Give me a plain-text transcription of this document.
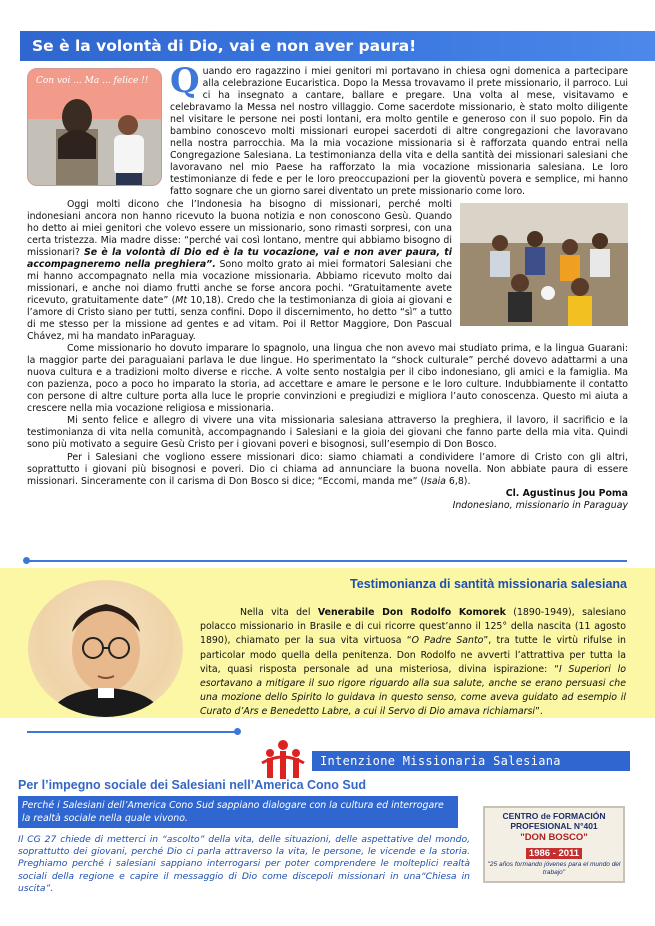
Se è la volontà di Dio, vai e non aver paura!
Con voi ... Ma ... felice !! Quando ero ragazzino i miei genitori mi portavano in chiesa ogni domenica a partecipare alla celebrazione Eucaristica. Dopo la Messa trovavamo il prete missionario, il parroco. Lui ci ha insegnato a cantare, ballare e pregare. Una volta al mese, visitavamo e celebravamo la Messa nel nostro villaggio. Come sacerdote missionario, è stato molto diligente nel visitare le persone nei posti lontani, era molto gentile e generoso con il suo popolo. Fin da bambino conoscevo molti missionari europei sacerdoti di altre congregazioni che lavoravano nella nostra parrocchia. Ma la mia vocazione missionaria si è rafforzata quando entrai nella Congregazione Salesiana. La testimonianza della vita e della santità dei missionari salesiani che lavoravano nel mio Paese ha rafforzato la mia vocazione missionaria salesiana. Le loro testimonianze di fede e per le loro preoccupazioni per la gioventù povera e semplice, mi hanno fatto sognare che un giorno sarei diventato un prete missionario come loro.

Oggi molti dicono che l’Indonesia ha bisogno di missionari, perché molti indonesiani ancora non hanno ricevuto la buona notizia e non conoscono Gesù. Quando ho detto ai miei genitori che volevo essere un missionario, sono rimasti sorpresi, con una certa tristezza. Mia madre disse: “perché vai così lontano, mentre qui abbiamo bisogno di missionari? Se è la volontà di Dio ed è la tu vocazione, vai e non aver paura, ti accompagneremo nella preghiera”. Sono molto grato ai miei formatori Salesiani che mi hanno accompagnato nella mia vocazione missionaria. Abbiamo ricevuto molto dai missionari, e anche noi diamo frutti anche se forse ancora pochi. “Gratuitamente avete ricevuto, gratuitamente date” (Mt 10,18). Credo che la testimonianza di gioia ai giovani e l’amore di Cristo siano per tutti, senza confini. Dopo il discernimento, ho detto “sì” a tutto di me stesso per la missione ad gentes e ad vitam. Poi il Rettor Maggiore, Don Pascual Chávez, mi ha mandato inParaguay.

Come missionario ho dovuto imparare lo spagnolo, una lingua che non avevo mai studiato prima, e la lingua Guarani: la maggior parte dei paraguaiani parlava le due lingue. Ho sperimentato la “shock culturale” perché dovevo adattarmi a una nuova cultura e a tradizioni molto diverse e ricche. A volte sento nostalgia per il cibo indonesiano, gli amici e la famiglia. Ma con pazienza, poco a poco ho imparato la storia, ad accettare e amare le persone e le loro culture. Indubbiamente il contatto con persone di altre culture porta alla luce le proprie convinzioni e pregiudizi e migliora l’auto conoscenza. Questo mi aiuta a crescere nella mia vocazione religiosa e missionaria.

Mi sento felice e allegro di vivere una vita missionaria salesiana attraverso la preghiera, il lavoro, il sacrificio e la testimonianza di vita nella comunità, accompagnando i Salesiani e la gioia dei giovani che fanno parte della mia vita. Quindi sono più motivato a seguire Gesù Cristo per i giovani poveri e bisognosi, sull’esempio di Don Bosco.

Per i Salesiani che vogliono essere missionari dico: siamo chiamati a condividere l’amore di Cristo con gli altri, soprattutto i giovani più bisognosi e poveri. Dio ci chiama ad annunciare la buona novella. Non abbiate paura di essere missionari. Sinceramente con il carisma di Don Bosco si dice; “Eccomi, manda me” (Isaia 6,8).

Cl. Agustinus Jou Poma

Indonesiano, missionario in Paraguay

Testimonianza di santità missionaria salesiana
Nella vita del Venerabile Don Rodolfo Komorek (1890-1949), salesiano polacco missionario in Brasile e di cui ricorre quest’anno il 125° della nascita (11 agosto 1890), chiamato per la sua vita virtuosa “O Padre Santo”, tra tutte le virtù rifulse in particolar modo quella della penitenza. Don Rodolfo ne avverti l’attrattiva per tutta la vita, quasi risposta personale ad una misteriosa, divina ispirazione: “I Superiori lo esortavano a mitigare il suo rigore riguardo alla sua salute, anche se erano persuasi che una mozione dello Spirito lo guidava in questo senso, come aveva guidato ad esempio il Curato d’Ars e Benedetto Labre, a cui il Servo di Dio amava richiamarsi”.
Intenzione Missionaria Salesiana
Per l’impegno sociale dei Salesiani nell’America Cono Sud
Perché i Salesiani dell’America Cono Sud sappiano dialogare con la cultura ed interrogare la realtà sociale nella quale vivono.
Il CG 27 chiede di metterci in “ascolto” della vita, delle situazioni, delle aspettative del mondo, soprattutto dei giovani, perché Dio ci parla attraverso la vita, le persone, le vicende e la storia. Preghiamo perché i salesiani sappiano interrogarsi per poter comprendere le molteplici realtà sociali della regione e capire il messaggio di Dio come discepoli missionari in una“Chiesa in uscita”.
CENTRO de FORMACIÓN
PROFESIONAL N°401
"DON BOSCO"
1986 - 2011
"25 años formando jóvenes para el mundo del trabajo"
